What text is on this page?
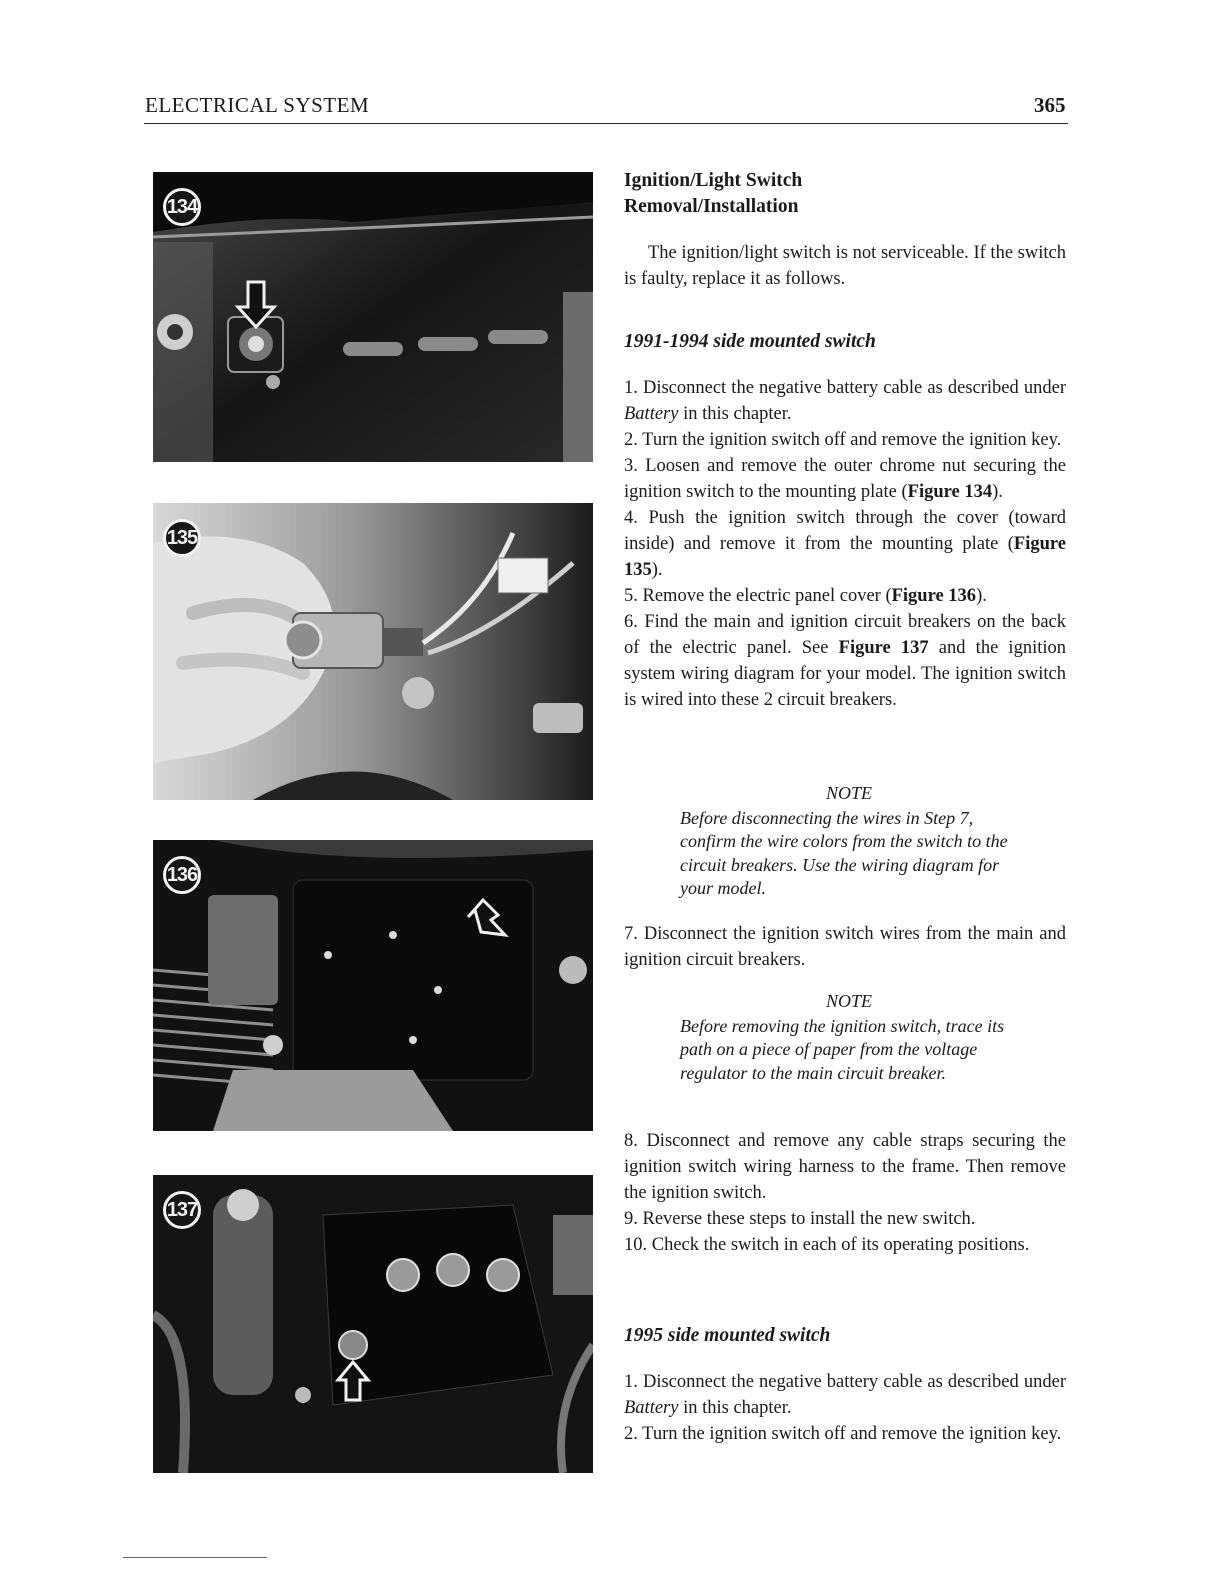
ELECTRICAL SYSTEM	365
134
135
136
137
Ignition/Light Switch
Removal/Installation
The ignition/light switch is not serviceable. If the switch is faulty, replace it as follows.
1991-1994 side mounted switch

1. Disconnect the negative battery cable as described under Battery in this chapter.

2. Turn the ignition switch off and remove the ignition key.

3. Loosen and remove the outer chrome nut securing the ignition switch to the mounting plate (Figure 134).

4. Push the ignition switch through the cover (toward inside) and remove it from the mounting plate (Figure 135).

5. Remove the electric panel cover (Figure 136).

6. Find the main and ignition circuit breakers on the back of the electric panel. See Figure 137 and the ignition system wiring diagram for your model. The ignition switch is wired into these 2 circuit breakers.

NOTE
Before disconnecting the wires in Step 7, confirm the wire colors from the switch to the circuit breakers. Use the wiring diagram for your model.

7. Disconnect the ignition switch wires from the main and ignition circuit breakers.

NOTE
Before removing the ignition switch, trace its path on a piece of paper from the voltage regulator to the main circuit breaker.

8. Disconnect and remove any cable straps securing the ignition switch wiring harness to the frame. Then remove the ignition switch.

9. Reverse these steps to install the new switch.

10. Check the switch in each of its operating positions.

1995 side mounted switch

1. Disconnect the negative battery cable as described under Battery in this chapter.

2. Turn the ignition switch off and remove the ignition key.
